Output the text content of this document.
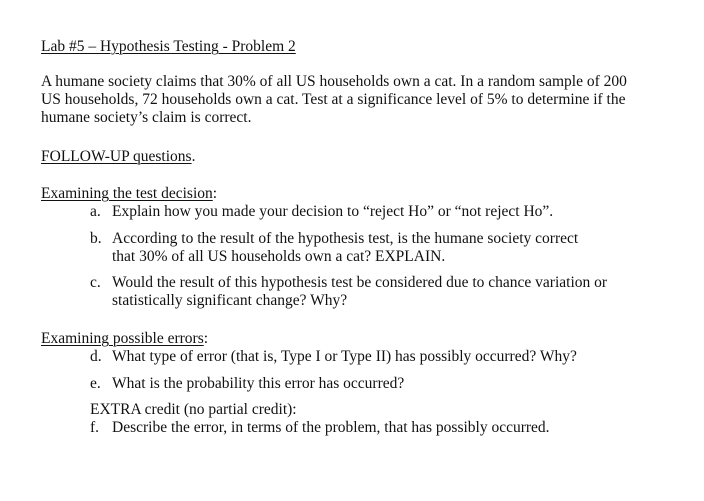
Lab #5 – Hypothesis Testing - Problem 2
A humane society claims that 30% of all US households own a cat. In a random sample of 200
US households, 72 households own a cat. Test at a significance level of 5% to determine if the
humane society’s claim is correct.
FOLLOW-UP questions.
Examining the test decision:
a. Explain how you made your decision to “reject Ho” or “not reject Ho”.
b. According to the result of the hypothesis test, is the humane society correct
that 30% of all US households own a cat? EXPLAIN.
c. Would the result of this hypothesis test be considered due to chance variation or
statistically significant change? Why?
Examining possible errors:
d. What type of error (that is, Type I or Type II) has possibly occurred? Why?
e. What is the probability this error has occurred?
EXTRA credit (no partial credit):
f. Describe the error, in terms of the problem, that has possibly occurred.
